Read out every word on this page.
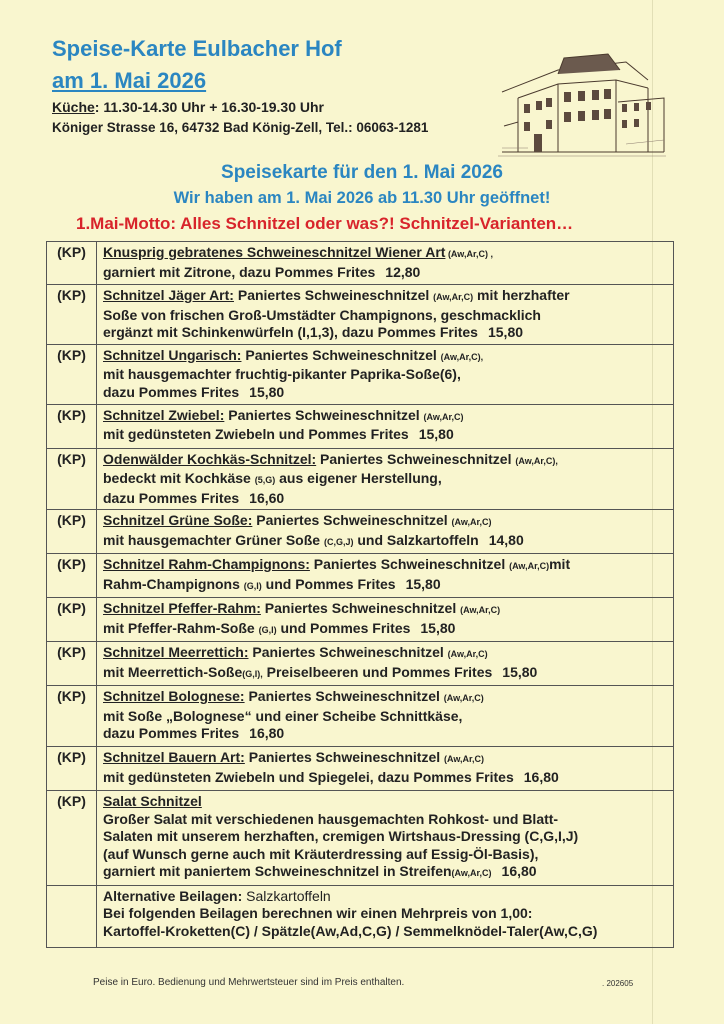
Speise-Karte Eulbacher Hof
am 1. Mai 2026
Küche: 11.30-14.30 Uhr + 16.30-19.30 Uhr
Königer Strasse 16, 64732 Bad König-Zell, Tel.: 06063-1281
Speisekarte für den 1. Mai 2026
Wir haben am 1. Mai 2026 ab 11.30 Uhr geöffnet!
1.Mai-Motto: Alles Schnitzel oder was?! Schnitzel-Varianten…
(KP)	Knusprig gebratenes Schweineschnitzel Wiener Art (Aw,Ar,C) ,
garniert mit Zitrone, dazu Pommes Frites 12,80
(KP)	Schnitzel Jäger Art: Paniertes Schweineschnitzel (Aw,Ar,C) mit herzhafter
Soße von frischen Groß-Umstädter Champignons, geschmacklich
ergänzt mit Schinkenwürfeln (I,1,3), dazu Pommes Frites 15,80
(KP)	Schnitzel Ungarisch: Paniertes Schweineschnitzel (Aw,Ar,C),
mit hausgemachter fruchtig-pikanter Paprika-Soße(6),
dazu Pommes Frites 15,80
(KP)	Schnitzel Zwiebel: Paniertes Schweineschnitzel (Aw,Ar,C)
mit gedünsteten Zwiebeln und Pommes Frites 15,80
(KP)	Odenwälder Kochkäs-Schnitzel: Paniertes Schweineschnitzel (Aw,Ar,C),
bedeckt mit Kochkäse (5,G) aus eigener Herstellung,
dazu Pommes Frites 16,60
(KP)	Schnitzel Grüne Soße: Paniertes Schweineschnitzel (Aw,Ar,C)
mit hausgemachter Grüner Soße (C,G,J) und Salzkartoffeln 14,80
(KP)	Schnitzel Rahm-Champignons: Paniertes Schweineschnitzel (Aw,Ar,C)mit
Rahm-Champignons (G,I) und Pommes Frites 15,80
(KP)	Schnitzel Pfeffer-Rahm: Paniertes Schweineschnitzel (Aw,Ar,C)
mit Pfeffer-Rahm-Soße (G,I) und Pommes Frites 15,80
(KP)	Schnitzel Meerrettich: Paniertes Schweineschnitzel (Aw,Ar,C)
mit Meerrettich-Soße(G,I), Preiselbeeren und Pommes Frites 15,80
(KP)	Schnitzel Bolognese: Paniertes Schweineschnitzel (Aw,Ar,C)
mit Soße „Bolognese“ und einer Scheibe Schnittkäse,
dazu Pommes Frites 16,80
(KP)	Schnitzel Bauern Art: Paniertes Schweineschnitzel (Aw,Ar,C)
mit gedünsteten Zwiebeln und Spiegelei, dazu Pommes Frites 16,80
(KP)	Salat Schnitzel
Großer Salat mit verschiedenen hausgemachten Rohkost- und Blatt-
Salaten mit unserem herzhaften, cremigen Wirtshaus-Dressing (C,G,I,J)
(auf Wunsch gerne auch mit Kräuterdressing auf Essig-Öl-Basis),
garniert mit paniertem Schweineschnitzel in Streifen(Aw,Ar,C) 16,80
	Alternative Beilagen: Salzkartoffeln
Bei folgenden Beilagen berechnen wir einen Mehrpreis von 1,00:
Kartoffel-Kroketten(C) / Spätzle(Aw,Ad,C,G) / Semmelknödel-Taler(Aw,C,G)
Peise in Euro. Bedienung und Mehrwertsteuer sind im Preis enthalten.	. 202605
